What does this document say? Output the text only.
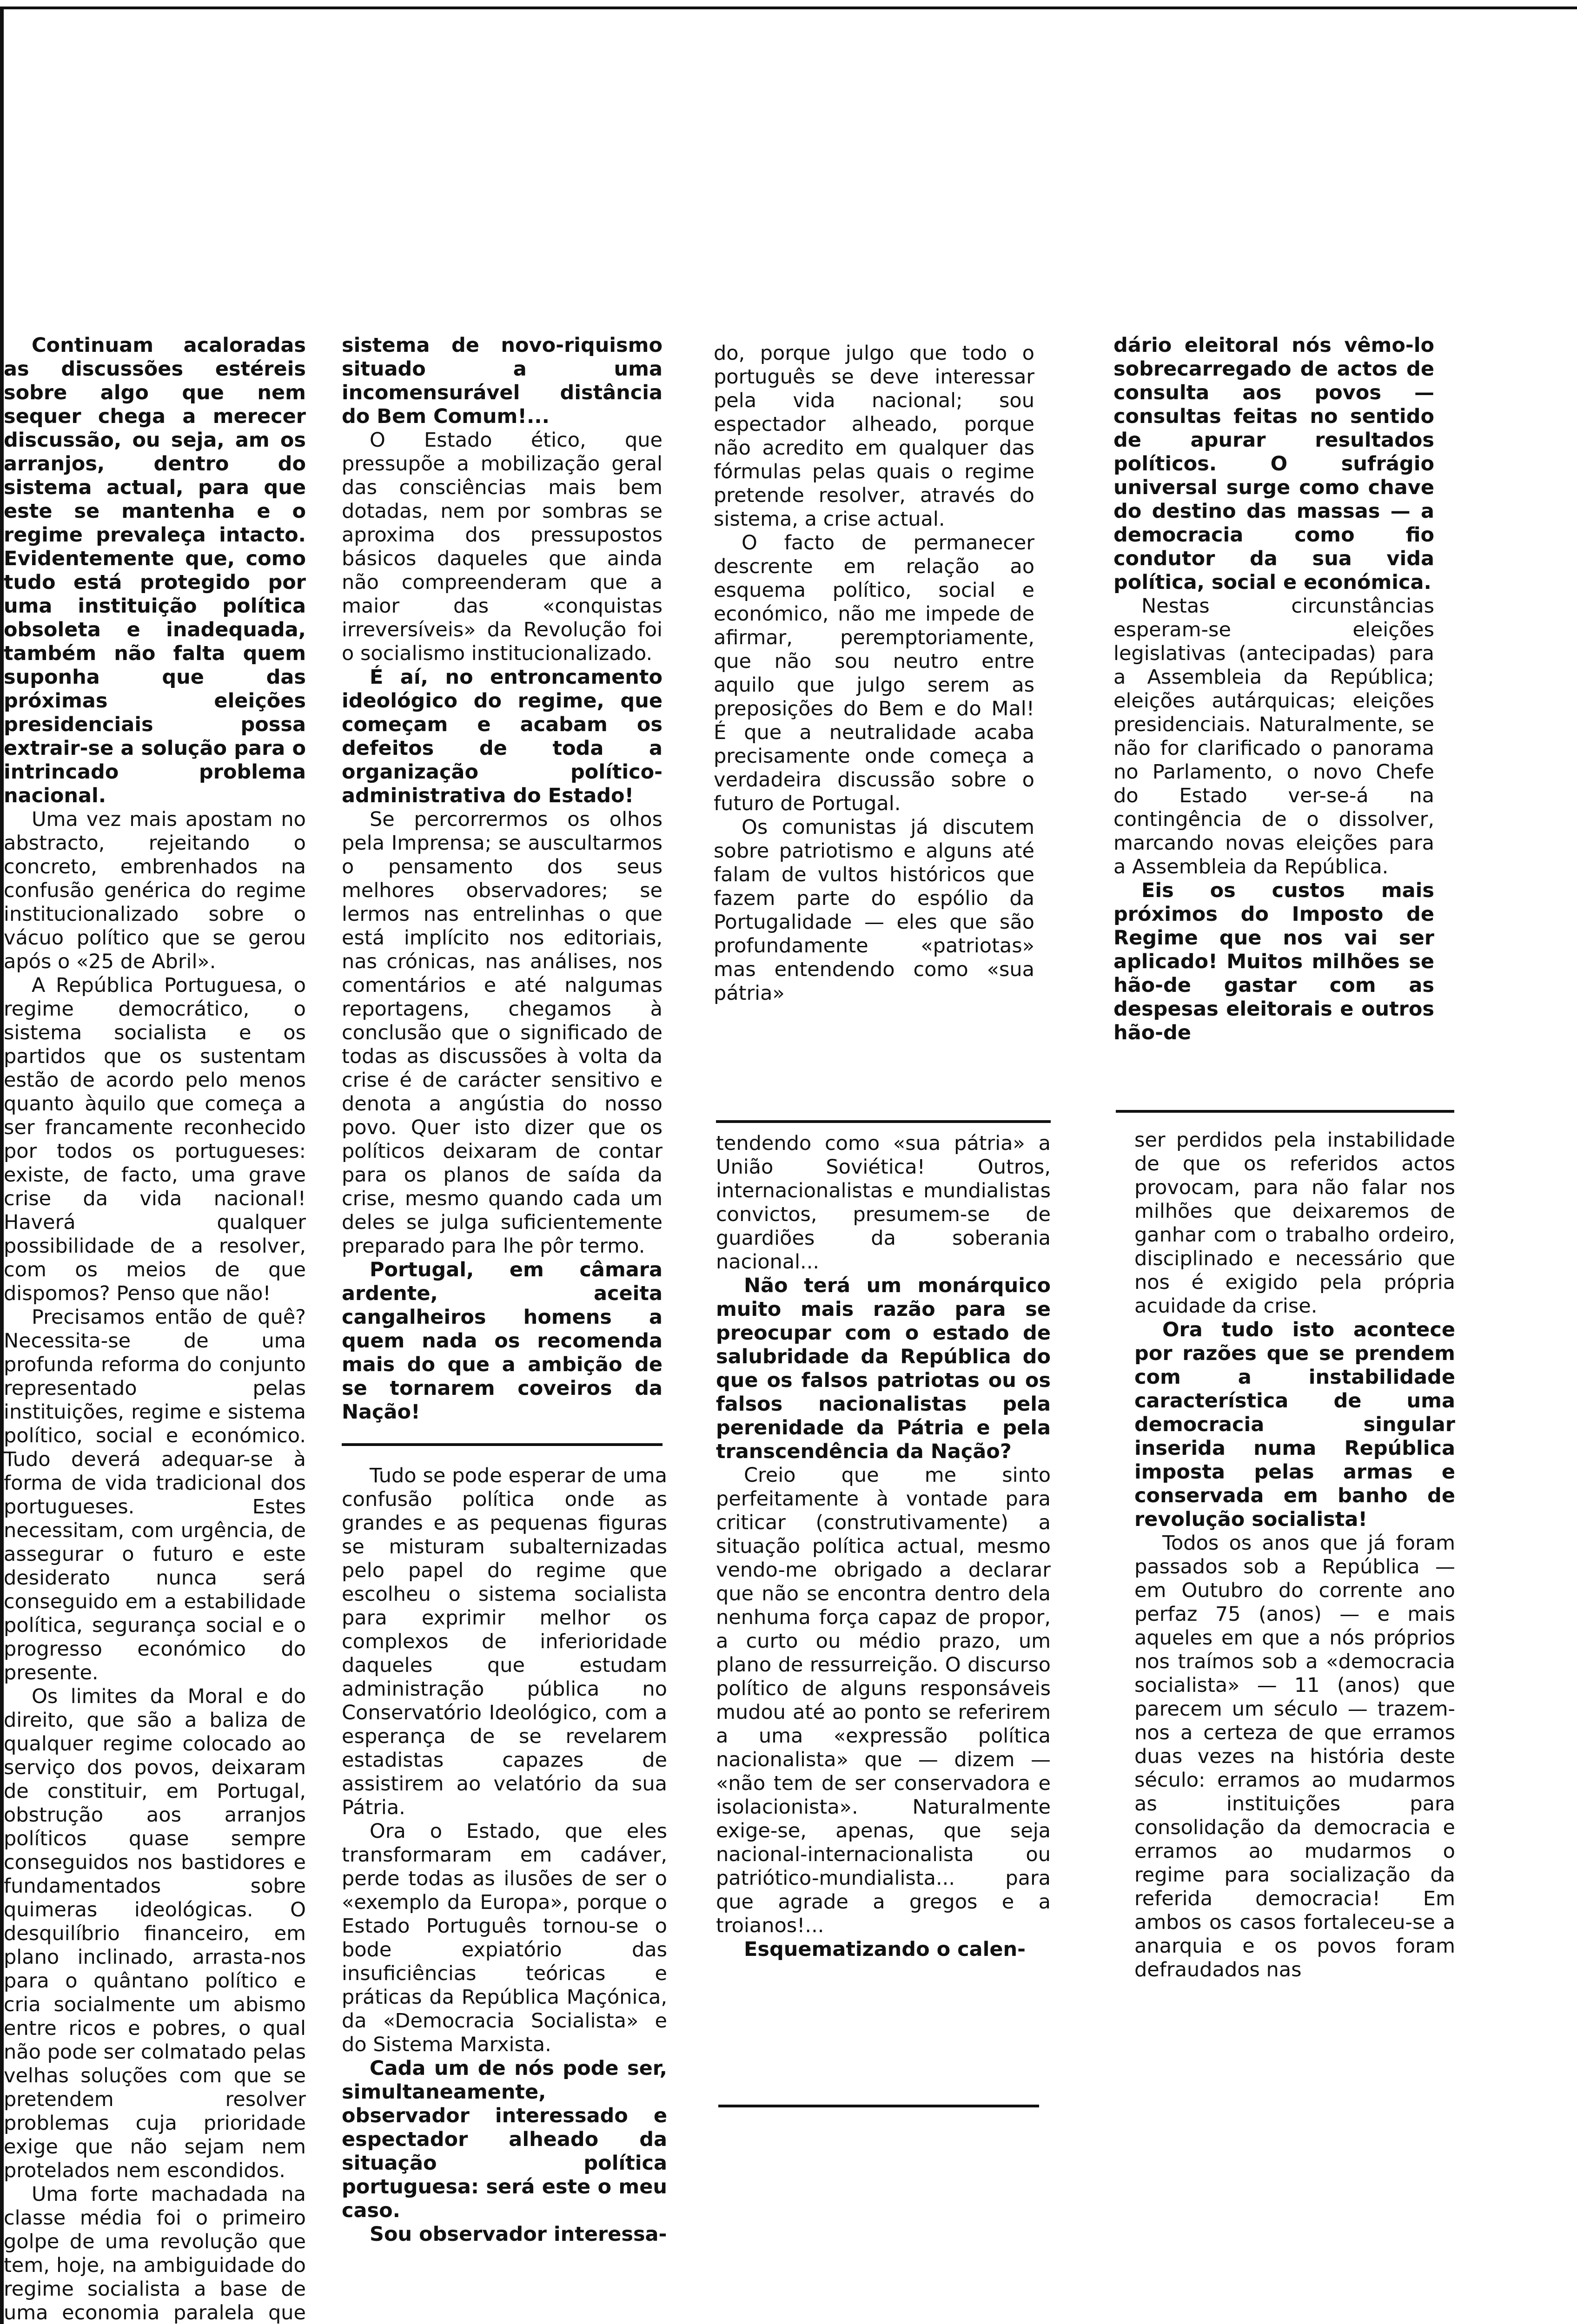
Continuam acaloradas as discussões estéreis sobre algo que nem sequer chega a merecer discussão, ou seja, am os arranjos, dentro do sistema actual, para que este se mantenha e o regime prevaleça intacto. Evidentemente que, como tudo está protegido por uma instituição política obsoleta e inadequada, também não falta quem suponha que das próximas eleições presidenciais possa extrair-se a solução para o intrincado problema nacional.

Uma vez mais apostam no abstracto, rejeitando o concreto, embrenhados na confusão genérica do regime institucionalizado sobre o vácuo político que se gerou após o «25 de Abril».

A República Portuguesa, o regime democrático, o sistema socialista e os partidos que os sustentam estão de acordo pelo menos quanto àquilo que começa a ser francamente reconhecido por todos os portugueses: existe, de facto, uma grave crise da vida nacional! Haverá qualquer possibilidade de a resolver, com os meios de que dispomos? Penso que não!

Precisamos então de quê? Necessita-se de uma profunda reforma do conjunto representado pelas instituições, regime e sistema político, social e económico. Tudo deverá adequar-se à forma de vida tradicional dos portugueses. Estes necessitam, com urgência, de assegurar o futuro e este desiderato nunca será conseguido em a estabilidade política, segurança social e o progresso económico do presente.

Os limites da Moral e do direito, que são a baliza de qualquer regime colocado ao serviço dos povos, deixaram de constituir, em Portugal, obstrução aos arranjos políticos quase sempre conseguidos nos bastidores e fundamentados sobre quimeras ideológicas. O desquilíbrio financeiro, em plano inclinado, arrasta-nos para o quântano político e cria socialmente um abismo entre ricos e pobres, o qual não pode ser colmatado pelas velhas soluções com que se pretendem resolver problemas cuja prioridade exige que não sejam nem protelados nem escondidos.

Uma forte machadada na classe média foi o primeiro golpe de uma revolução que tem, hoje, na ambiguidade do regime socialista a base de uma economia paralela que

sistema de novo-riquismo situado a uma incomensurável distância do Bem Comum!...

O Estado ético, que pressupõe a mobilização geral das consciências mais bem dotadas, nem por sombras se aproxima dos pressupostos básicos daqueles que ainda não compreenderam que a maior das «conquistas irreversíveis» da Revolução foi o socialismo institucionalizado.

É aí, no entroncamento ideológico do regime, que começam e acabam os defeitos de toda a organização político-administrativa do Estado!

Se percorrermos os olhos pela Imprensa; se auscultarmos o pensamento dos seus melhores observadores; se lermos nas entrelinhas o que está implícito nos editoriais, nas crónicas, nas análises, nos comentários e até nalgumas reportagens, chegamos à conclusão que o significado de todas as discussões à volta da crise é de carácter sensitivo e denota a angústia do nosso povo. Quer isto dizer que os políticos deixaram de contar para os planos de saída da crise, mesmo quando cada um deles se julga suficientemente preparado para lhe pôr termo.

Portugal, em câmara ardente, aceita cangalheiros homens a quem nada os recomenda mais do que a ambição de se tornarem coveiros da Nação!

Tudo se pode esperar de uma confusão política onde as grandes e as pequenas figuras se misturam subalternizadas pelo papel do regime que escolheu o sistema socialista para exprimir melhor os complexos de inferioridade daqueles que estudam administração pública no Conservatório Ideológico, com a esperança de se revelarem estadistas capazes de assistirem ao velatório da sua Pátria.

Ora o Estado, que eles transformaram em cadáver, perde todas as ilusões de ser o «exemplo da Europa», porque o Estado Português tornou-se o bode expiatório das insuficiências teóricas e práticas da República Maçónica, da «Democracia Socialista» e do Sistema Marxista.

Cada um de nós pode ser, simultaneamente, observador interessado e espectador alheado da situação política portuguesa: será este o meu caso.

Sou observador interessa-

do, porque julgo que todo o português se deve interessar pela vida nacional; sou espectador alheado, porque não acredito em qualquer das fórmulas pelas quais o regime pretende resolver, através do sistema, a crise actual.

O facto de permanecer descrente em relação ao esquema político, social e económico, não me impede de afirmar, peremptoriamente, que não sou neutro entre aquilo que julgo serem as preposições do Bem e do Mal! É que a neutralidade acaba precisamente onde começa a verdadeira discussão sobre o futuro de Portugal.

Os comunistas já discutem sobre patriotismo e alguns até falam de vultos históricos que fazem parte do espólio da Portugalidade — eles que são profundamente «patriotas» mas entendendo como «sua pátria»

tendendo como «sua pátria» a União Soviética! Outros, internacionalistas e mundialistas convictos, presumem-se de guardiões da soberania nacional...

Não terá um monárquico muito mais razão para se preocupar com o estado de salubridade da República do que os falsos patriotas ou os falsos nacionalistas pela perenidade da Pátria e pela transcendência da Nação?

Creio que me sinto perfeitamente à vontade para criticar (construtivamente) a situação política actual, mesmo vendo-me obrigado a declarar que não se encontra dentro dela nenhuma força capaz de propor, a curto ou médio prazo, um plano de ressurreição. O discurso político de alguns responsáveis mudou até ao ponto se referirem a uma «expressão política nacionalista» que — dizem — «não tem de ser conservadora e isolacionista». Naturalmente exige-se, apenas, que seja nacional-internacionalista ou patriótico-mundialista... para que agrade a gregos e a troianos!...

Esquematizando o calen-

dário eleitoral nós vêmo-lo sobrecarregado de actos de consulta aos povos — consultas feitas no sentido de apurar resultados políticos. O sufrágio universal surge como chave do destino das massas — a democracia como fio condutor da sua vida política, social e económica.

Nestas circunstâncias esperam-se eleições legislativas (antecipadas) para a Assembleia da República; eleições autárquicas; eleições presidenciais. Naturalmente, se não for clarificado o panorama no Parlamento, o novo Chefe do Estado ver-se-á na contingência de o dissolver, marcando novas eleições para a Assembleia da República.

Eis os custos mais próximos do Imposto de Regime que nos vai ser aplicado! Muitos milhões se hão-de gastar com as despesas eleitorais e outros hão-de

ser perdidos pela instabilidade de que os referidos actos provocam, para não falar nos milhões que deixaremos de ganhar com o trabalho ordeiro, disciplinado e necessário que nos é exigido pela própria acuidade da crise.

Ora tudo isto acontece por razões que se prendem com a instabilidade característica de uma democracia singular inserida numa República imposta pelas armas e conservada em banho de revolução socialista!

Todos os anos que já foram passados sob a República — em Outubro do corrente ano perfaz 75 (anos) — e mais aqueles em que a nós próprios nos traímos sob a «democracia socialista» — 11 (anos) que parecem um século — trazem-nos a certeza de que erramos duas vezes na história deste século: erramos ao mudarmos as instituições para consolidação da democracia e erramos ao mudarmos o regime para socialização da referida democracia! Em ambos os casos fortaleceu-se a anarquia e os povos foram defraudados nas
